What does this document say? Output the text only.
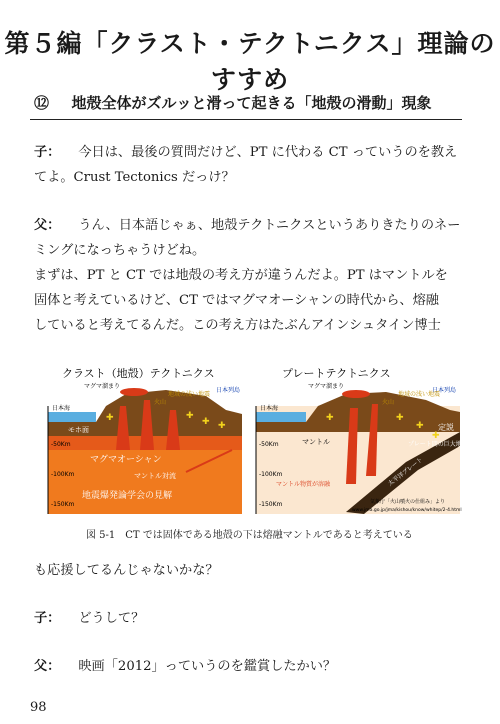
第５編「クラスト・テクトニクス」理論のすすめ
⑫ 地殻全体がズルッと滑って起きる「地殻の滑動」現象
子： 今日は、最後の質問だけど、PT に代わる CT っていうのを教え
てよ。Crust Tectonics だっけ？
父： うん、日本語じゃぁ、地殻テクトニクスというありきたりのネー
ミングになっちゃうけどね。
まずは、PT と CT では地殻の考え方が違うんだよ。PT はマントルを
固体と考えているけど、CT ではマグマオーシャンの時代から、熔融
していると考えてるんだ。この考え方はたぶんアインシュタイン博士
クラスト（地殻）テクトニクス
-50Km
-100Km
-150Km
日本海
日本列島
マグマ溜まり
火山
地域の浅い地震
モホ面
✚
✚ ✚
✚
マグマオーシャン
マントル対流
地震爆発論学会の見解
プレートテクトニクス
-50Km
-100Km
-150Km
日本海
日本列島
マグマ溜まり
火山
地域の浅い地震
マントル
定説
プレート間の巨大地震
マントル物質が溶融	太平洋プレート
✚
✚
✚
✚
気象庁「火山噴火の仕組み」より
www.jma.go.jp/jma/kishou/know/whitep/2-4.html
図 5-1　CT では固体である地殻の下は熔融マントルであると考えている
も応援してるんじゃないかな？
子： どうして？
父： 映画「2012」っていうのを鑑賞したかい？
98
